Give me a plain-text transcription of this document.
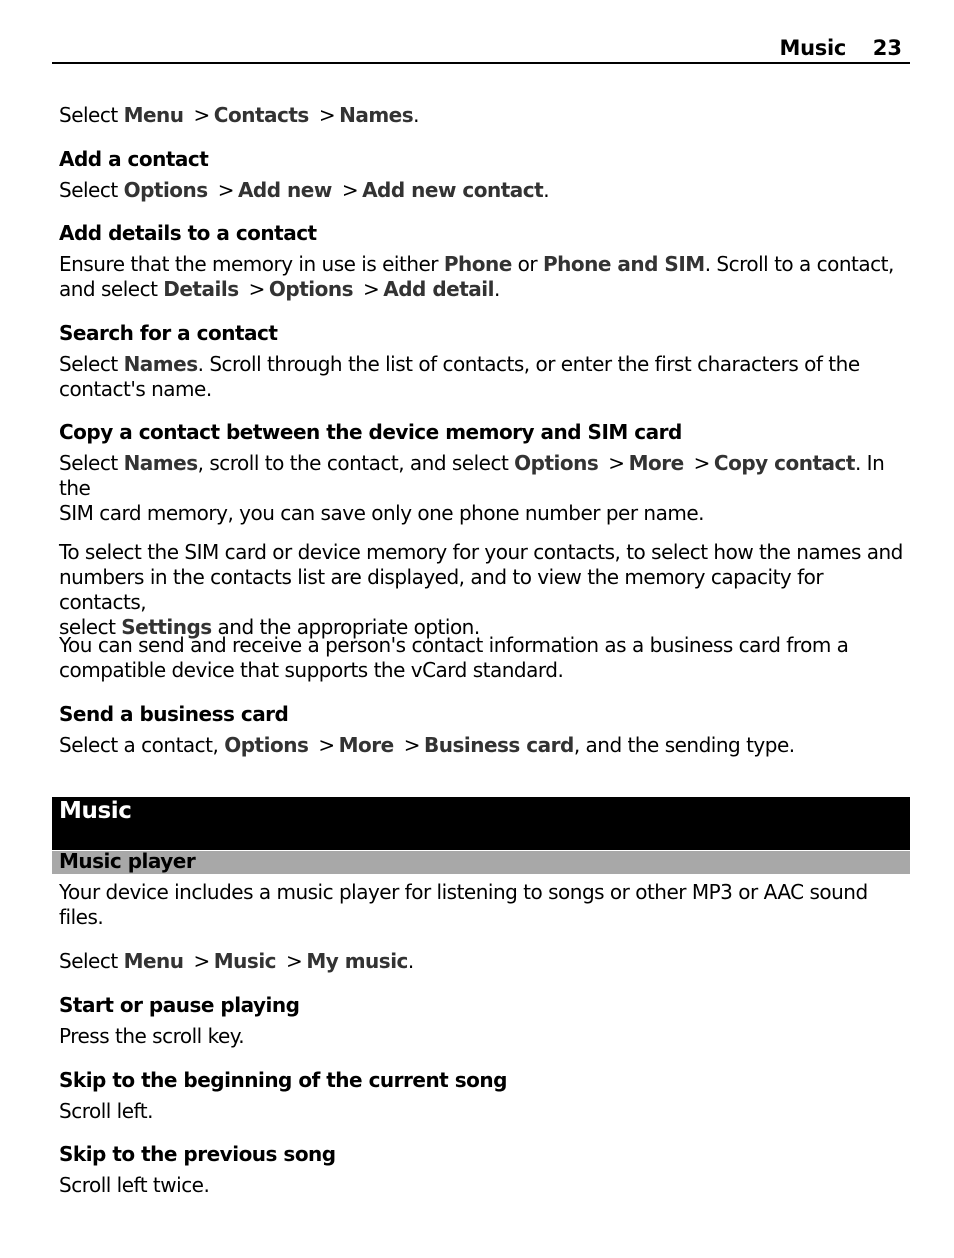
Music 23
Select Menu > Contacts > Names.
Add a contact
Select Options > Add new > Add new contact.
Add details to a contact
Ensure that the memory in use is either Phone or Phone and SIM. Scroll to a contact,
and select Details > Options > Add detail.
Search for a contact
Select Names. Scroll through the list of contacts, or enter the first characters of the
contact's name.
Copy a contact between the device memory and SIM card
Select Names, scroll to the contact, and select Options > More > Copy contact. In the
SIM card memory, you can save only one phone number per name.
To select the SIM card or device memory for your contacts, to select how the names and
numbers in the contacts list are displayed, and to view the memory capacity for contacts,
select Settings and the appropriate option.
You can send and receive a person's contact information as a business card from a
compatible device that supports the vCard standard.
Send a business card
Select a contact, Options > More > Business card, and the sending type.
Music
Music player
Your device includes a music player for listening to songs or other MP3 or AAC sound
files.
Select Menu > Music > My music.
Start or pause playing
Press the scroll key.
Skip to the beginning of the current song
Scroll left.
Skip to the previous song
Scroll left twice.
